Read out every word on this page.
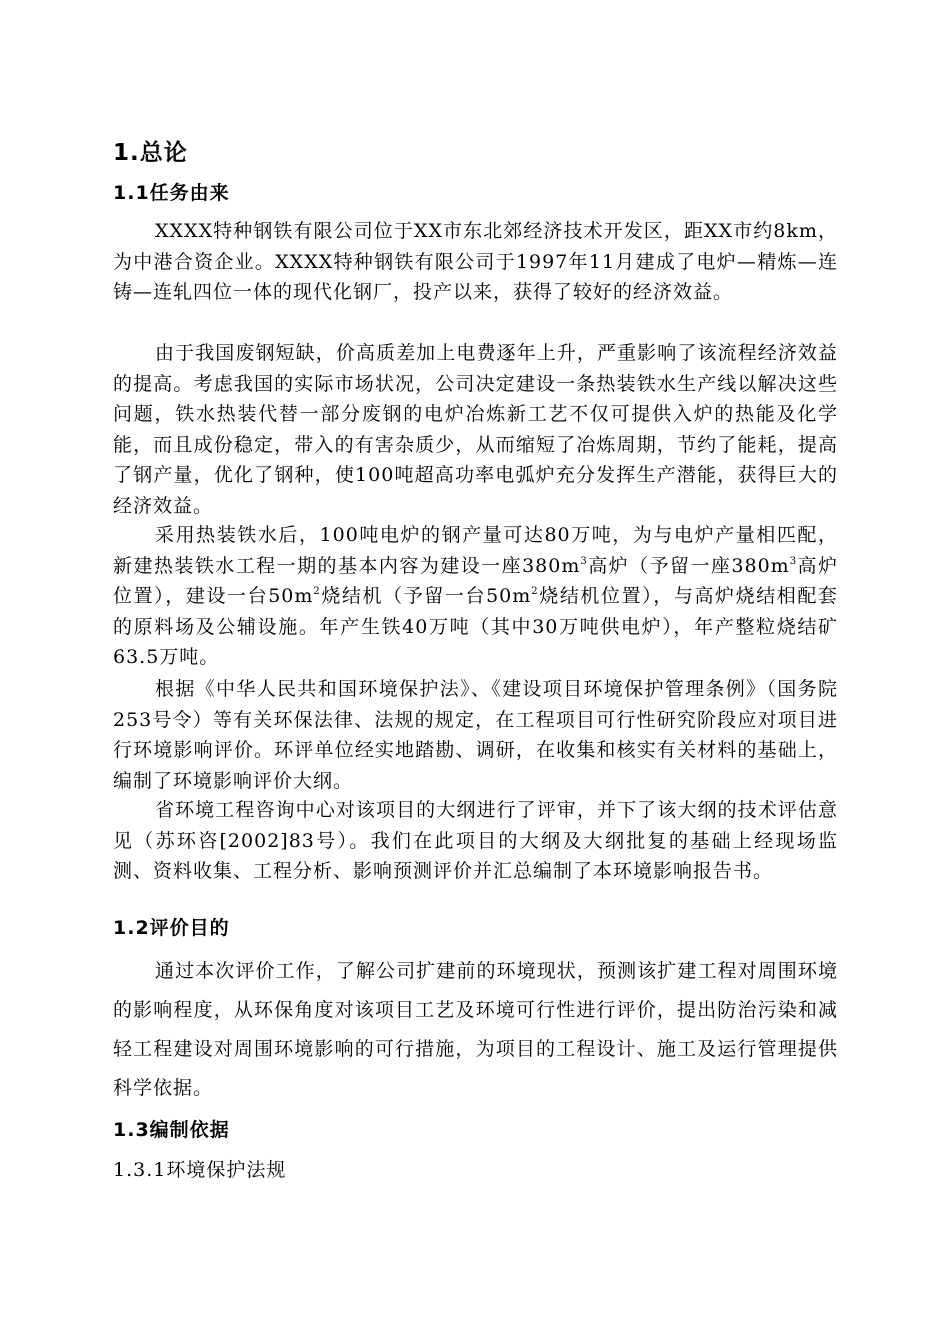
1.总论
1.1任务由来
XXXX特种钢铁有限公司位于XX市东北郊经济技术开发区，距XX市约8km，为中港合资企业。XXXX特种钢铁有限公司于1997年11月建成了电炉—精炼—连铸—连轧四位一体的现代化钢厂，投产以来，获得了较好的经济效益。
由于我国废钢短缺，价高质差加上电费逐年上升，严重影响了该流程经济效益的提高。考虑我国的实际市场状况，公司决定建设一条热装铁水生产线以解决这些问题，铁水热装代替一部分废钢的电炉冶炼新工艺不仅可提供入炉的热能及化学能，而且成份稳定，带入的有害杂质少，从而缩短了冶炼周期，节约了能耗，提高了钢产量，优化了钢种，使100吨超高功率电弧炉充分发挥生产潜能，获得巨大的经济效益。
采用热装铁水后，100吨电炉的钢产量可达80万吨，为与电炉产量相匹配，新建热装铁水工程一期的基本内容为建设一座$380m^3$高炉（予留一座$380m^3$高炉位置），建设一台$50m^2$烧结机（予留一台$50m^2$烧结机位置），与高炉烧结相配套的原料场及公辅设施。年产生铁40万吨（其中30万吨供电炉），年产整粒烧结矿63.5万吨。
根据《中华人民共和国环境保护法》、《建设项目环境保护管理条例》（国务院253号令）等有关环保法律、法规的规定，在工程项目可行性研究阶段应对项目进行环境影响评价。环评单位经实地踏勘、调研，在收集和核实有关材料的基础上，编制了环境影响评价大纲。
省环境工程咨询中心对该项目的大纲进行了评审，并下了该大纲的技术评估意见（苏环咨[2002]83号）。我们在此项目的大纲及大纲批复的基础上经现场监测、资料收集、工程分析、影响预测评价并汇总编制了本环境影响报告书。
1.2评价目的
通过本次评价工作，了解公司扩建前的环境现状，预测该扩建工程对周围环境的影响程度，从环保角度对该项目工艺及环境可行性进行评价，提出防治污染和减轻工程建设对周围环境影响的可行措施，为项目的工程设计、施工及运行管理提供科学依据。
1.3编制依据
1.3.1环境保护法规
